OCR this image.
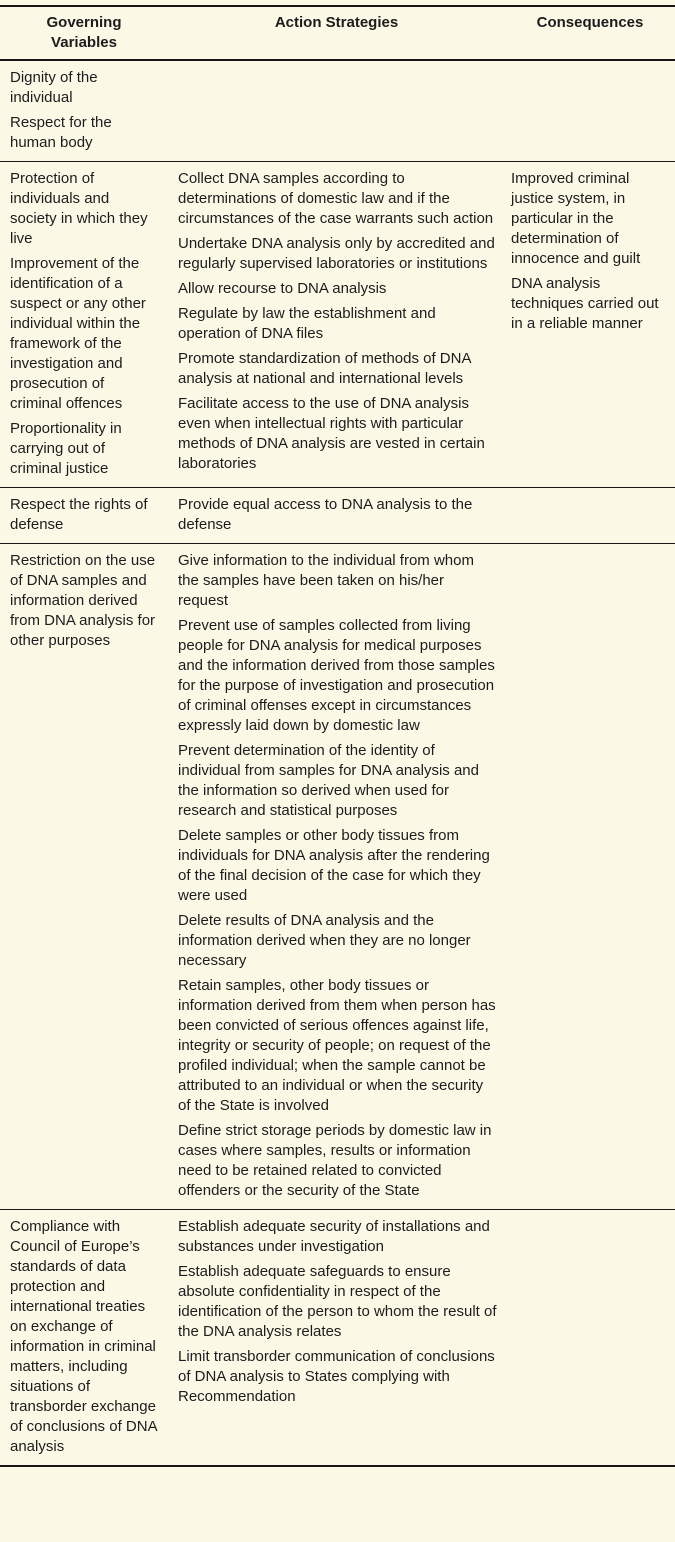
Governing Variables
Action Strategies	Consequences

Dignity of the individual

Respect for the human body

Protection of individuals and society in which they live

Improvement of the identification of a suspect or any other individual within the framework of the investigation and prosecution of criminal offences

Proportionality in carrying out of criminal justice

Collect DNA samples according to determinations of domestic law and if the circumstances of the case warrants such action

Undertake DNA analysis only by accredited and regularly supervised laboratories or institutions

Allow recourse to DNA analysis

Regulate by law the establishment and operation of DNA files

Promote standardization of methods of DNA analysis at national and international levels

Facilitate access to the use of DNA analysis even when intellectual rights with particular methods of DNA analysis are vested in certain laboratories

Improved criminal justice system, in particular in the determination of innocence and guilt

DNA analysis techniques carried out in a reliable manner

Respect the rights of defense

Provide equal access to DNA analysis to the defense

Restriction on the use of DNA samples and information derived from DNA analysis for other purposes

Give information to the individual from whom the samples have been taken on his/her request

Prevent use of samples collected from living people for DNA analysis for medical purposes and the information derived from those samples for the purpose of investigation and prosecution of criminal offenses except in circumstances expressly laid down by domestic law

Prevent determination of the identity of individual from samples for DNA analysis and the information so derived when used for research and statistical purposes

Delete samples or other body tissues from individuals for DNA analysis after the rendering of the final decision of the case for which they were used

Delete results of DNA analysis and the information derived when they are no longer necessary

Retain samples, other body tissues or information derived from them when person has been convicted of serious offences against life, integrity or security of people; on request of the profiled individual; when the sample cannot be attributed to an individual or when the security of the State is involved

Define strict storage periods by domestic law in cases where samples, results or information need to be retained related to convicted offenders or the security of the State

Compliance with Council of Europe’s standards of data protection and international treaties on exchange of information in criminal matters, including situations of transborder exchange of conclusions of DNA analysis

Establish adequate security of installations and substances under investigation

Establish adequate safeguards to ensure absolute confidentiality in respect of the identification of the person to whom the result of the DNA analysis relates

Limit transborder communication of conclusions of DNA analysis to States complying with Recommendation
